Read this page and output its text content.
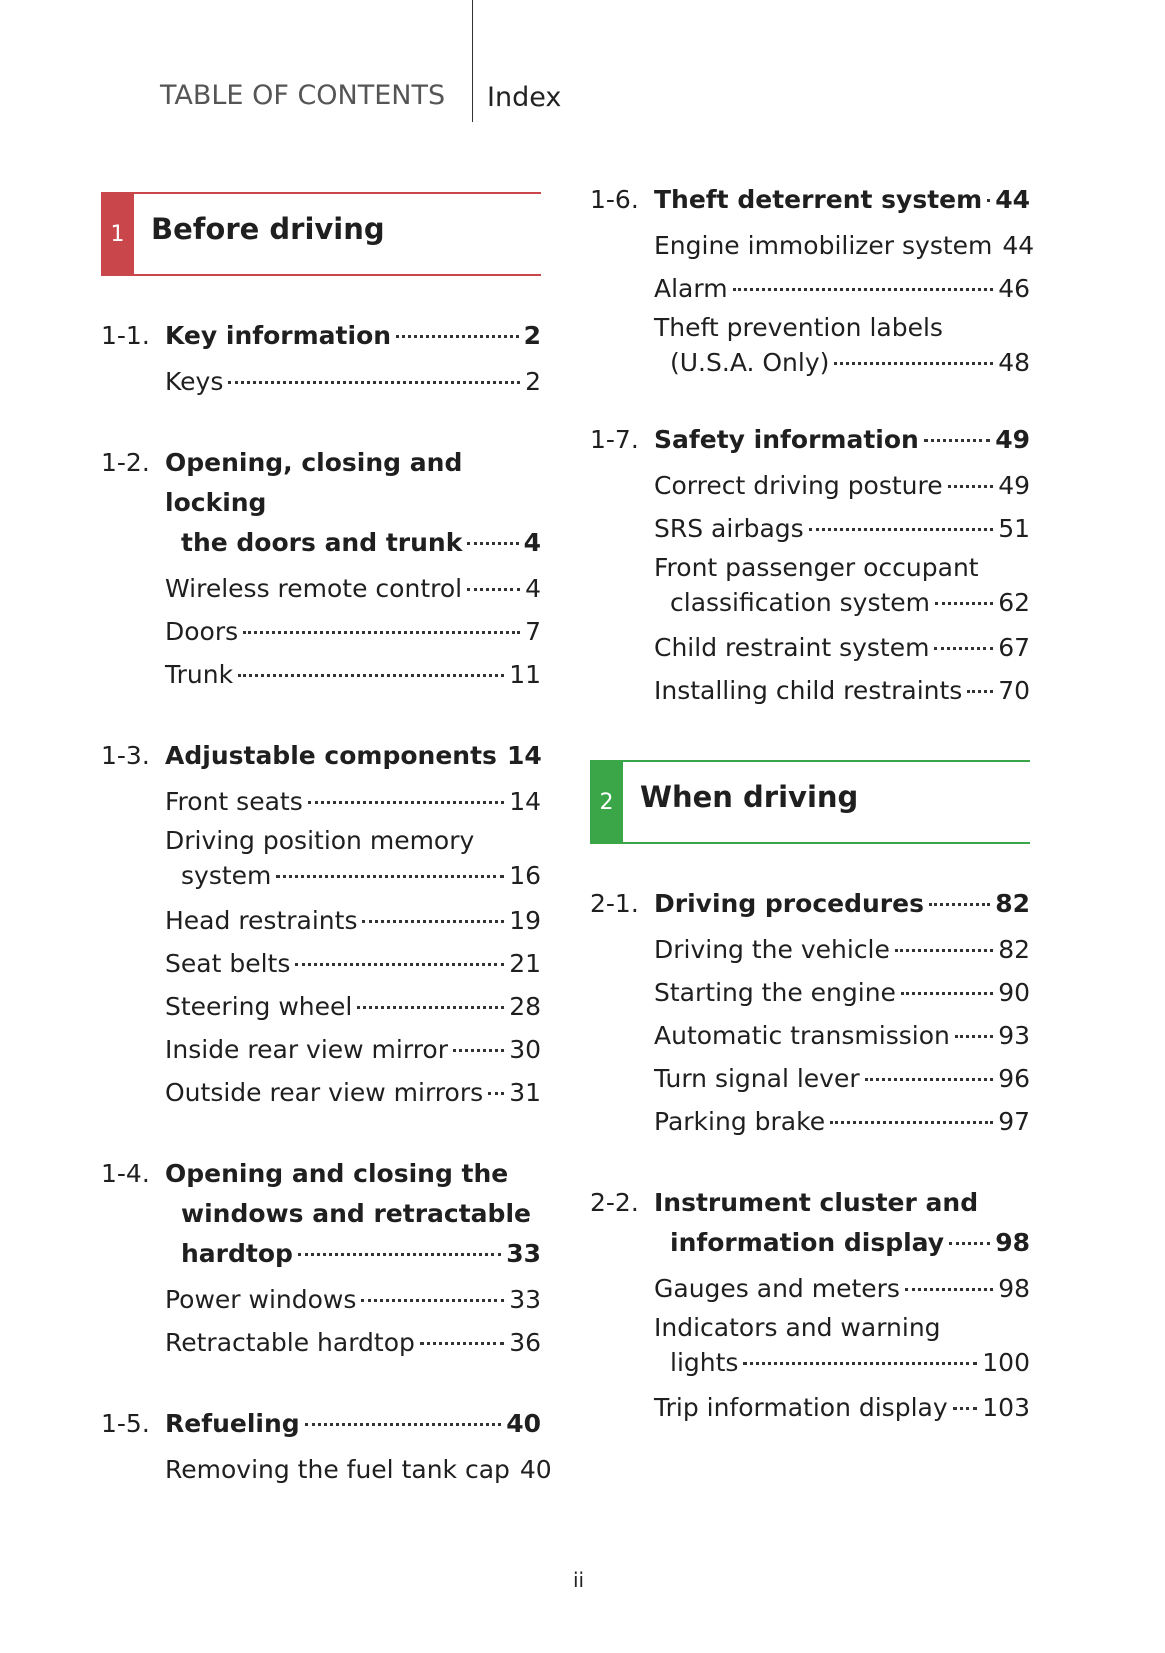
TABLE OF CONTENTS Index
1 Before driving
1-1. Key information	2
Keys	2
1-2. Opening, closing and locking
the doors and trunk 4
Wireless remote control	4
Doors	7
Trunk	11
1-3. Adjustable components 14
Front seats	14
Driving position memory
system	16
Head restraints	19
Seat belts	21
Steering wheel	28
Inside rear view mirror 30
Outside rear view mirrors 31
1-4. Opening and closing the
windows and retractable
hardtop	33
Power windows	33
Retractable hardtop	36
1-5. Refueling	40
Removing the fuel tank cap 40
1-6. Theft deterrent system 44
Engine immobilizer system 44
Alarm	46
Theft prevention labels
(U.S.A. Only)	48
1-7. Safety information	49
Correct driving posture 49
SRS airbags	51
Front passenger occupant
classification system	62
Child restraint system	67
Installing child restraints 70
2 When driving
2-1. Driving procedures	82
Driving the vehicle	82
Starting the engine	90
Automatic transmission 93
Turn signal lever	96
Parking brake	97
2-2. Instrument cluster and
information display 98
Gauges and meters	98
Indicators and warning
lights	100
Trip information display 103
ii
